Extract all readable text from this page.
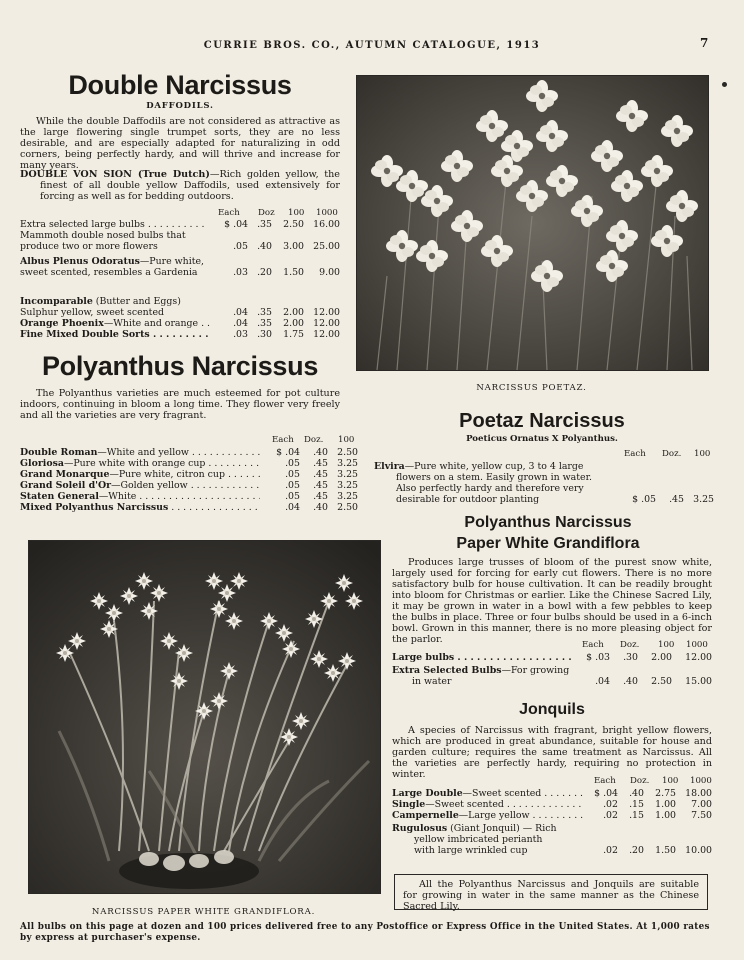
CURRIE BROS. CO., AUTUMN CATALOGUE, 1913	7
Double Narcissus
DAFFODILS.
While the double Daffodils are not considered as attractive as the large flowering single trumpet sorts, they are no less desirable, and are especially adapted for naturalizing in odd corners, being perfectly hardy, and will thrive and increase for many years.
DOUBLE VON SION (True Dutch)—Rich golden yellow, the finest of all double yellow Daffodils, used extensively for forcing as well as for bedding outdoors.
Each Doz 100 1000
Extra selected large bulbs . . .	$ .04 .35	2.50 16.00
Mammoth double nosed bulbs that produce two or more flowers	.05 .40	3.00 25.00
Albus Plenus Odoratus—Pure white, sweet scented, resembles a Gardenia	.03 .20	1.50	9.00
Incomparable (Butter and Eggs) Sulphur yellow, sweet scented	.04 .35	2.00 12.00
Orange Phoenix—White and orange . . .	.04 .35	2.00 12.00
Fine Mixed Double Sorts . . .	.03 .30	1.75 12.00
Polyanthus Narcissus
The Polyanthus varieties are much esteemed for pot culture indoors, continuing in bloom a long time. They flower very freely and all the varieties are very fragrant.
Each Doz. 100
Double Roman—White and yellow . . .	$ .04	.40 2.50
Gloriosa—Pure white with orange cup . . .	.05	.45 3.25
Grand Monarque—Pure white, citron cup . . .	.05	.45 3.25
Grand Soleil d'Or—Golden yellow . . .	.05	.45 3.25
Staten General—White . . .	.05	.45 3.25
Mixed Polyanthus Narcissus . . .	.04	.40 2.50
NARCISSUS POETAZ.
Poetaz Narcissus
Poeticus Ornatus X Polyanthus.
Each Doz. 100
Elvira—Pure white, yellow cup, 3 to 4 large flowers on a stem. Easily grown in water. Also perfectly hardy and therefore very desirable for outdoor planting	$ .05	.45 3.25
Polyanthus Narcissus
Paper White Grandiflora
Produces large trusses of bloom of the purest snow white, largely used for forcing for early cut flowers. There is no more satisfactory bulb for house cultivation. It can be readily brought into bloom for Christmas or earlier. Like the Chinese Sacred Lily, it may be grown in water in a bowl with a few pebbles to keep the bulbs in place. Three or four bulbs should be used in a 6-inch bowl. Grown in this manner, there is no more pleasing object for the parlor.	Each Doz. 100 1000
Large bulbs . . .	$ .03	.30	2.00	12.00
Extra Selected Bulbs—For growing in water	.04	.40	2.50	15.00
Jonquils
A species of Narcissus with fragrant, bright yellow flowers, which are produced in great abundance, suitable for house and garden culture; requires the same treatment as Narcissus. All the varieties are perfectly hardy, requiring no protection in winter.
Each Doz. 100 1000
Large Double—Sweet scented . . .	$ .04	.40	2.75 18.00
Single—Sweet scented . . .	.02	.15	1.00	7.00
Campernelle—Large yellow . . .	.02	.15	1.00	7.50
Rugulosus (Giant Jonquil) — Rich yellow imbricated perianth with large wrinkled cup	.02	.20	1.50 10.00
All the Polyanthus Narcissus and Jonquils are suitable for growing in water in the same manner as the Chinese Sacred Lily.
NARCISSUS PAPER WHITE GRANDIFLORA.
All bulbs on this page at dozen and 100 prices delivered free to any Postoffice or Express Office in the United States. At 1,000 rates by express at purchaser's expense.
